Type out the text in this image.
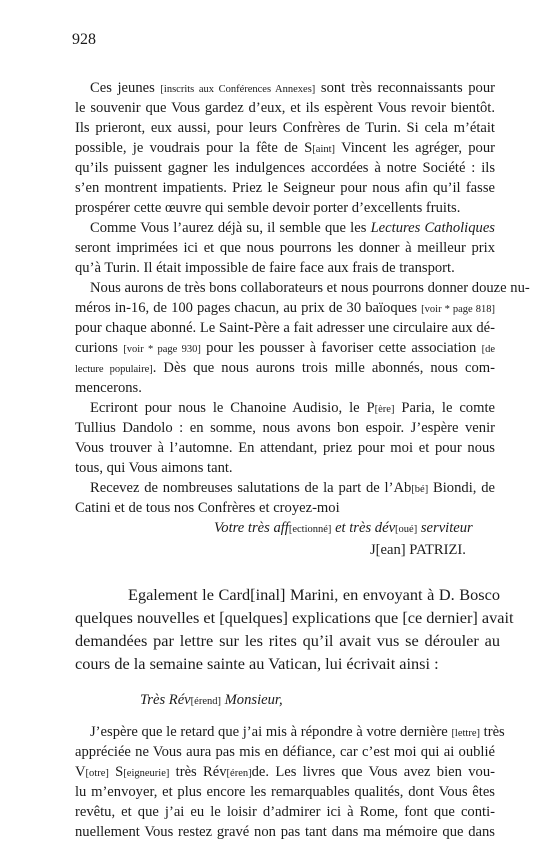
928
Ces jeunes [inscrits aux Conférences Annexes] sont très reconnaissants pour
le souvenir que Vous gardez d’eux, et ils espèrent Vous revoir bientôt.
Ils prieront, eux aussi, pour leurs Confrères de Turin. Si cela m’était
possible, je voudrais pour la fête de S[aint] Vincent les agréger, pour
qu’ils puissent gagner les indulgences accordées à notre Société : ils
s’en montrent impatients. Priez le Seigneur pour nous afin qu’il fasse
prospérer cette œuvre qui semble devoir porter d’excellents fruits.
Comme Vous l’aurez déjà su, il semble que les Lectures Catholiques
seront imprimées ici et que nous pourrons les donner à meilleur prix
qu’à Turin. Il était impossible de faire face aux frais de transport.
Nous aurons de très bons collaborateurs et nous pourrons donner douze nu-
méros in-16, de 100 pages chacun, au prix de 30 baïoques [voir * page 818]
pour chaque abonné. Le Saint-Père a fait adresser une circulaire aux dé-
curions [voir * page 930] pour les pousser à favoriser cette association [de
lecture populaire]. Dès que nous aurons trois mille abonnés, nous com-
mencerons.
Ecriront pour nous le Chanoine Audisio, le P[ère] Paria, le comte
Tullius Dandolo : en somme, nous avons bon espoir. J’espère venir
Vous trouver à l’automne. En attendant, priez pour moi et pour nous
tous, qui Vous aimons tant.
Recevez de nombreuses salutations de la part de l’Ab[bé] Biondi, de
Catini et de tous nos Confrères et croyez-moi
Votre très aff[ectionné] et très dév[oué] serviteur
J[ean] PATRIZI.
Egalement le Card[inal] Marini, en envoyant à D. Bosco
quelques nouvelles et [quelques] explications que [ce dernier] avait
demandées par lettre sur les rites qu’il avait vus se dérouler au
cours de la semaine sainte au Vatican, lui écrivait ainsi :
Très Rév[érend] Monsieur,
J’espère que le retard que j’ai mis à répondre à votre dernière [lettre] très
appréciée ne Vous aura pas mis en défiance, car c’est moi qui ai oublié
V[otre] S[eigneurie] très Rév[éren]de. Les livres que Vous avez bien vou-
lu m’envoyer, et plus encore les remarquables qualités, dont Vous êtes
revêtu, et que j’ai eu le loisir d’admirer ici à Rome, font que conti-
nuellement Vous restez gravé non pas tant dans ma mémoire que dans
